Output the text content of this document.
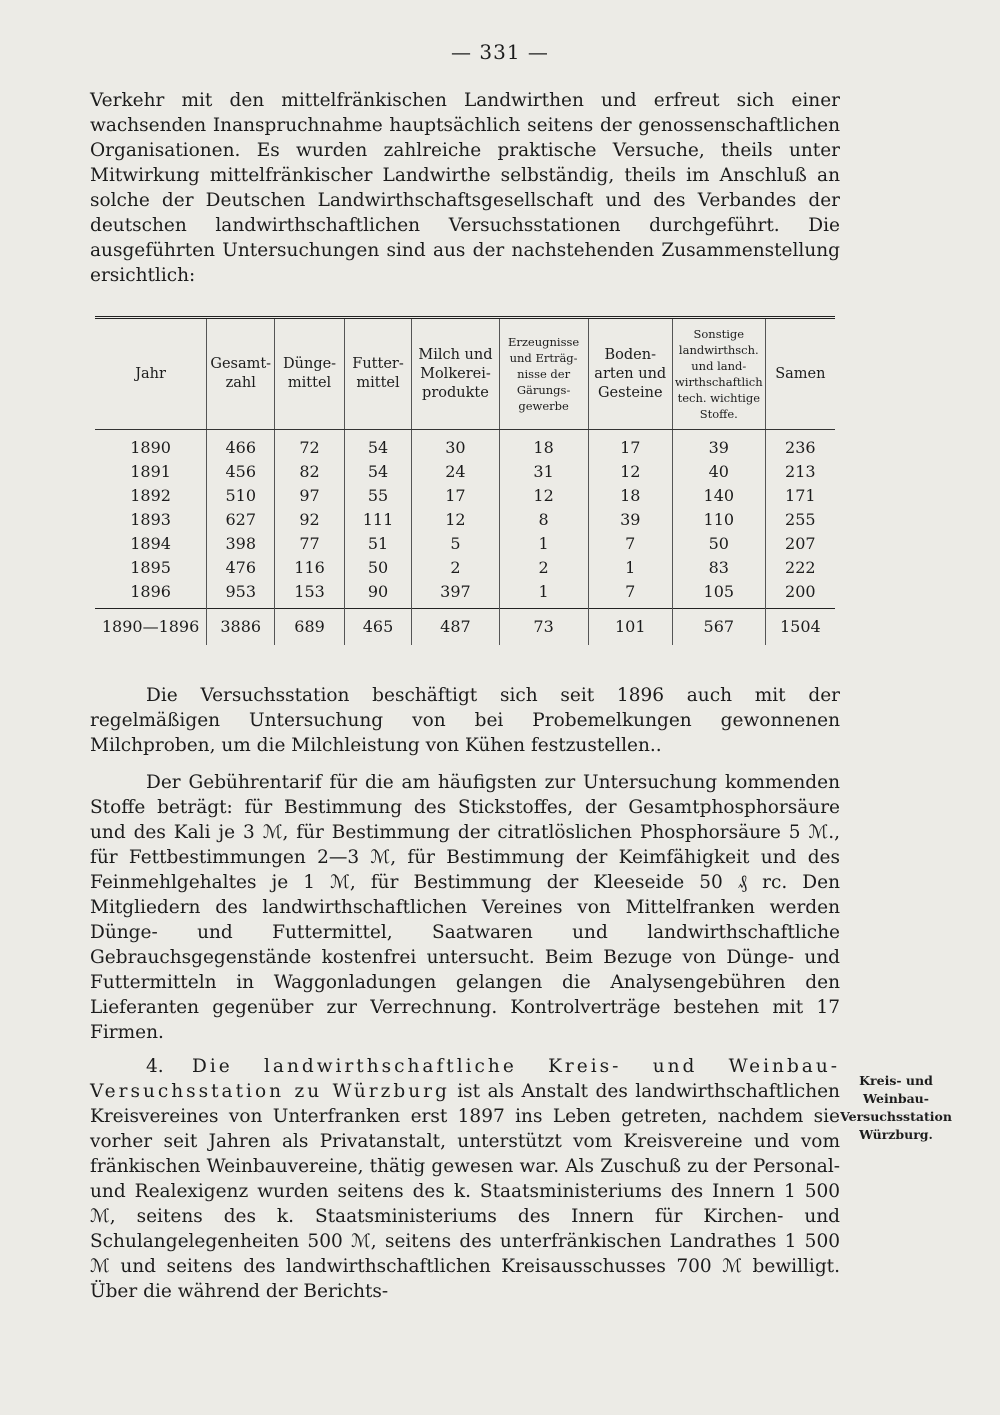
— 331 —

Verkehr mit den mittelfränkischen Landwirthen und erfreut sich einer wachsenden Inanspruchnahme hauptsächlich seitens der genossenschaftlichen Organisationen. Es wurden zahlreiche praktische Versuche, theils unter Mitwirkung mittelfränkischer Landwirthe selbständig, theils im Anschluß an solche der Deutschen Landwirthschaftsgesellschaft und des Verbandes der deutschen landwirthschaftlichen Versuchsstationen durchgeführt. Die ausgeführten Untersuchungen sind aus der nachstehenden Zusammenstellung ersichtlich:

Jahr	Gesamt-zahl	Dünge-mittel	Futter-mittel	Milch und Molkerei-produkte	Erzeugnisse und Erträg-nisse der Gärungs-gewerbe	Boden-arten und Gesteine	Sonstige landwirthsch. und land-wirthschaftlich tech. wichtige Stoffe.	Samen
1890	466	72	54	30	18	17	39	236
1891	456	82	54	24	31	12	40	213
1892	510	97	55	17	12	18	140	171
1893	627	92	111	12	8	39	110	255
1894	398	77	51	5	1	7	50	207
1895	476	116	50	2	2	1	83	222
1896	953	153	90	397	1	7	105	200
1890—1896	3886	689	465	487	73	101	567	1504

Die Versuchsstation beschäftigt sich seit 1896 auch mit der regelmäßigen Untersuchung von bei Probemelkungen gewonnenen Milchproben, um die Milchleistung von Kühen festzustellen..

Der Gebührentarif für die am häufigsten zur Untersuchung kommenden Stoffe beträgt: für Bestimmung des Stickstoffes, der Gesamtphosphorsäure und des Kali je 3 ℳ, für Bestimmung der citratlöslichen Phosphorsäure 5 ℳ., für Fettbestimmungen 2—3 ℳ, für Bestimmung der Keimfähigkeit und des Feinmehlgehaltes je 1 ℳ, für Bestimmung der Kleeseide 50 ₰ rc. Den Mitgliedern des landwirthschaftlichen Vereines von Mittelfranken werden Dünge- und Futtermittel, Saatwaren und landwirthschaftliche Gebrauchsgegenstände kostenfrei untersucht. Beim Bezuge von Dünge- und Futtermitteln in Waggonladungen gelangen die Analysengebühren den Lieferanten gegenüber zur Verrechnung. Kontrolverträge bestehen mit 17 Firmen.

4. Die landwirthschaftliche Kreis- und Weinbau-Versuchsstation zu Würzburg ist als Anstalt des landwirthschaftlichen Kreisvereines von Unterfranken erst 1897 ins Leben getreten, nachdem sie vorher seit Jahren als Privatanstalt, unterstützt vom Kreisvereine und vom fränkischen Weinbauvereine, thätig gewesen war. Als Zuschuß zu der Personal- und Realexigenz wurden seitens des k. Staatsministeriums des Innern 1 500 ℳ, seitens des k. Staatsministeriums des Innern für Kirchen- und Schulangelegenheiten 500 ℳ, seitens des unterfränkischen Landrathes 1 500 ℳ und seitens des landwirthschaftlichen Kreisausschusses 700 ℳ bewilligt. Über die während der Berichts-

Kreis- und Weinbau-Versuchsstation Würzburg.
